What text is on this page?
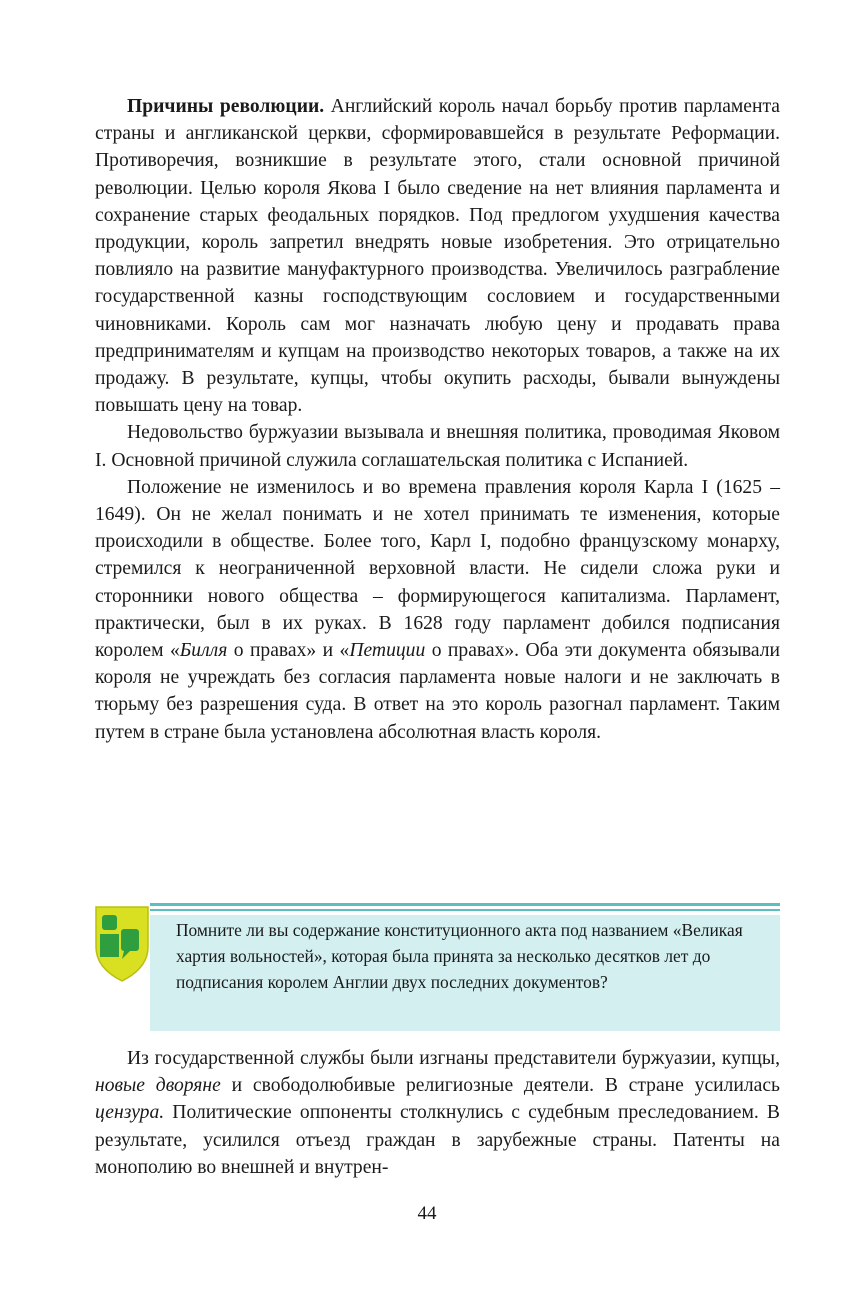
Причины революции. Английский король начал борьбу против парламента страны и англиканской церкви, сформировавшейся в результате Реформации. Противоречия, возникшие в результате этого, стали основной причиной революции. Целью короля Якова I было сведение на нет влияния парламента и сохранение старых феодальных порядков. Под предлогом ухудшения качества продукции, король запретил внедрять новые изобретения. Это отрицательно повлияло на развитие мануфактурного производства. Увеличилось разграбление государственной казны господствующим сословием и государственными чиновниками. Король сам мог назначать любую цену и продавать права предпринимателям и купцам на производство некоторых товаров, а также на их продажу. В результате, купцы, чтобы окупить расходы, бывали вынуждены повышать цену на товар.

Недовольство буржуазии вызывала и внешняя политика, проводимая Яковом I. Основной причиной служила соглашательская политика с Испанией.

Положение не изменилось и во времена правления короля Карла I (1625 – 1649). Он не желал понимать и не хотел принимать те изменения, которые происходили в обществе. Более того, Карл I, подобно французскому монарху, стремился к неограниченной верховной власти. Не сидели сложа руки и сторонники нового общества – формирующегося капитализма. Парламент, практически, был в их руках. В 1628 году парламент добился подписания королем «Билля о правах» и «Петиции о правах». Оба эти документа обязывали короля не учреждать без согласия парламента новые налоги и не заключать в тюрьму без разрешения суда. В ответ на это король разогнал парламент. Таким путем в стране была установлена абсолютная власть короля.

Помните ли вы содержание конституционного акта под названием «Великая хартия вольностей», которая была принята за несколько десятков лет до подписания королем Англии двух последних документов?

Из государственной службы были изгнаны представители буржуазии, купцы, новые дворяне и свободолюбивые религиозные деятели. В стране усилилась цензура. Политические оппоненты столкнулись с судебным преследованием. В результате, усилился отъезд граждан в зарубежные страны. Патенты на монополию во внешней и внутрен-

44
